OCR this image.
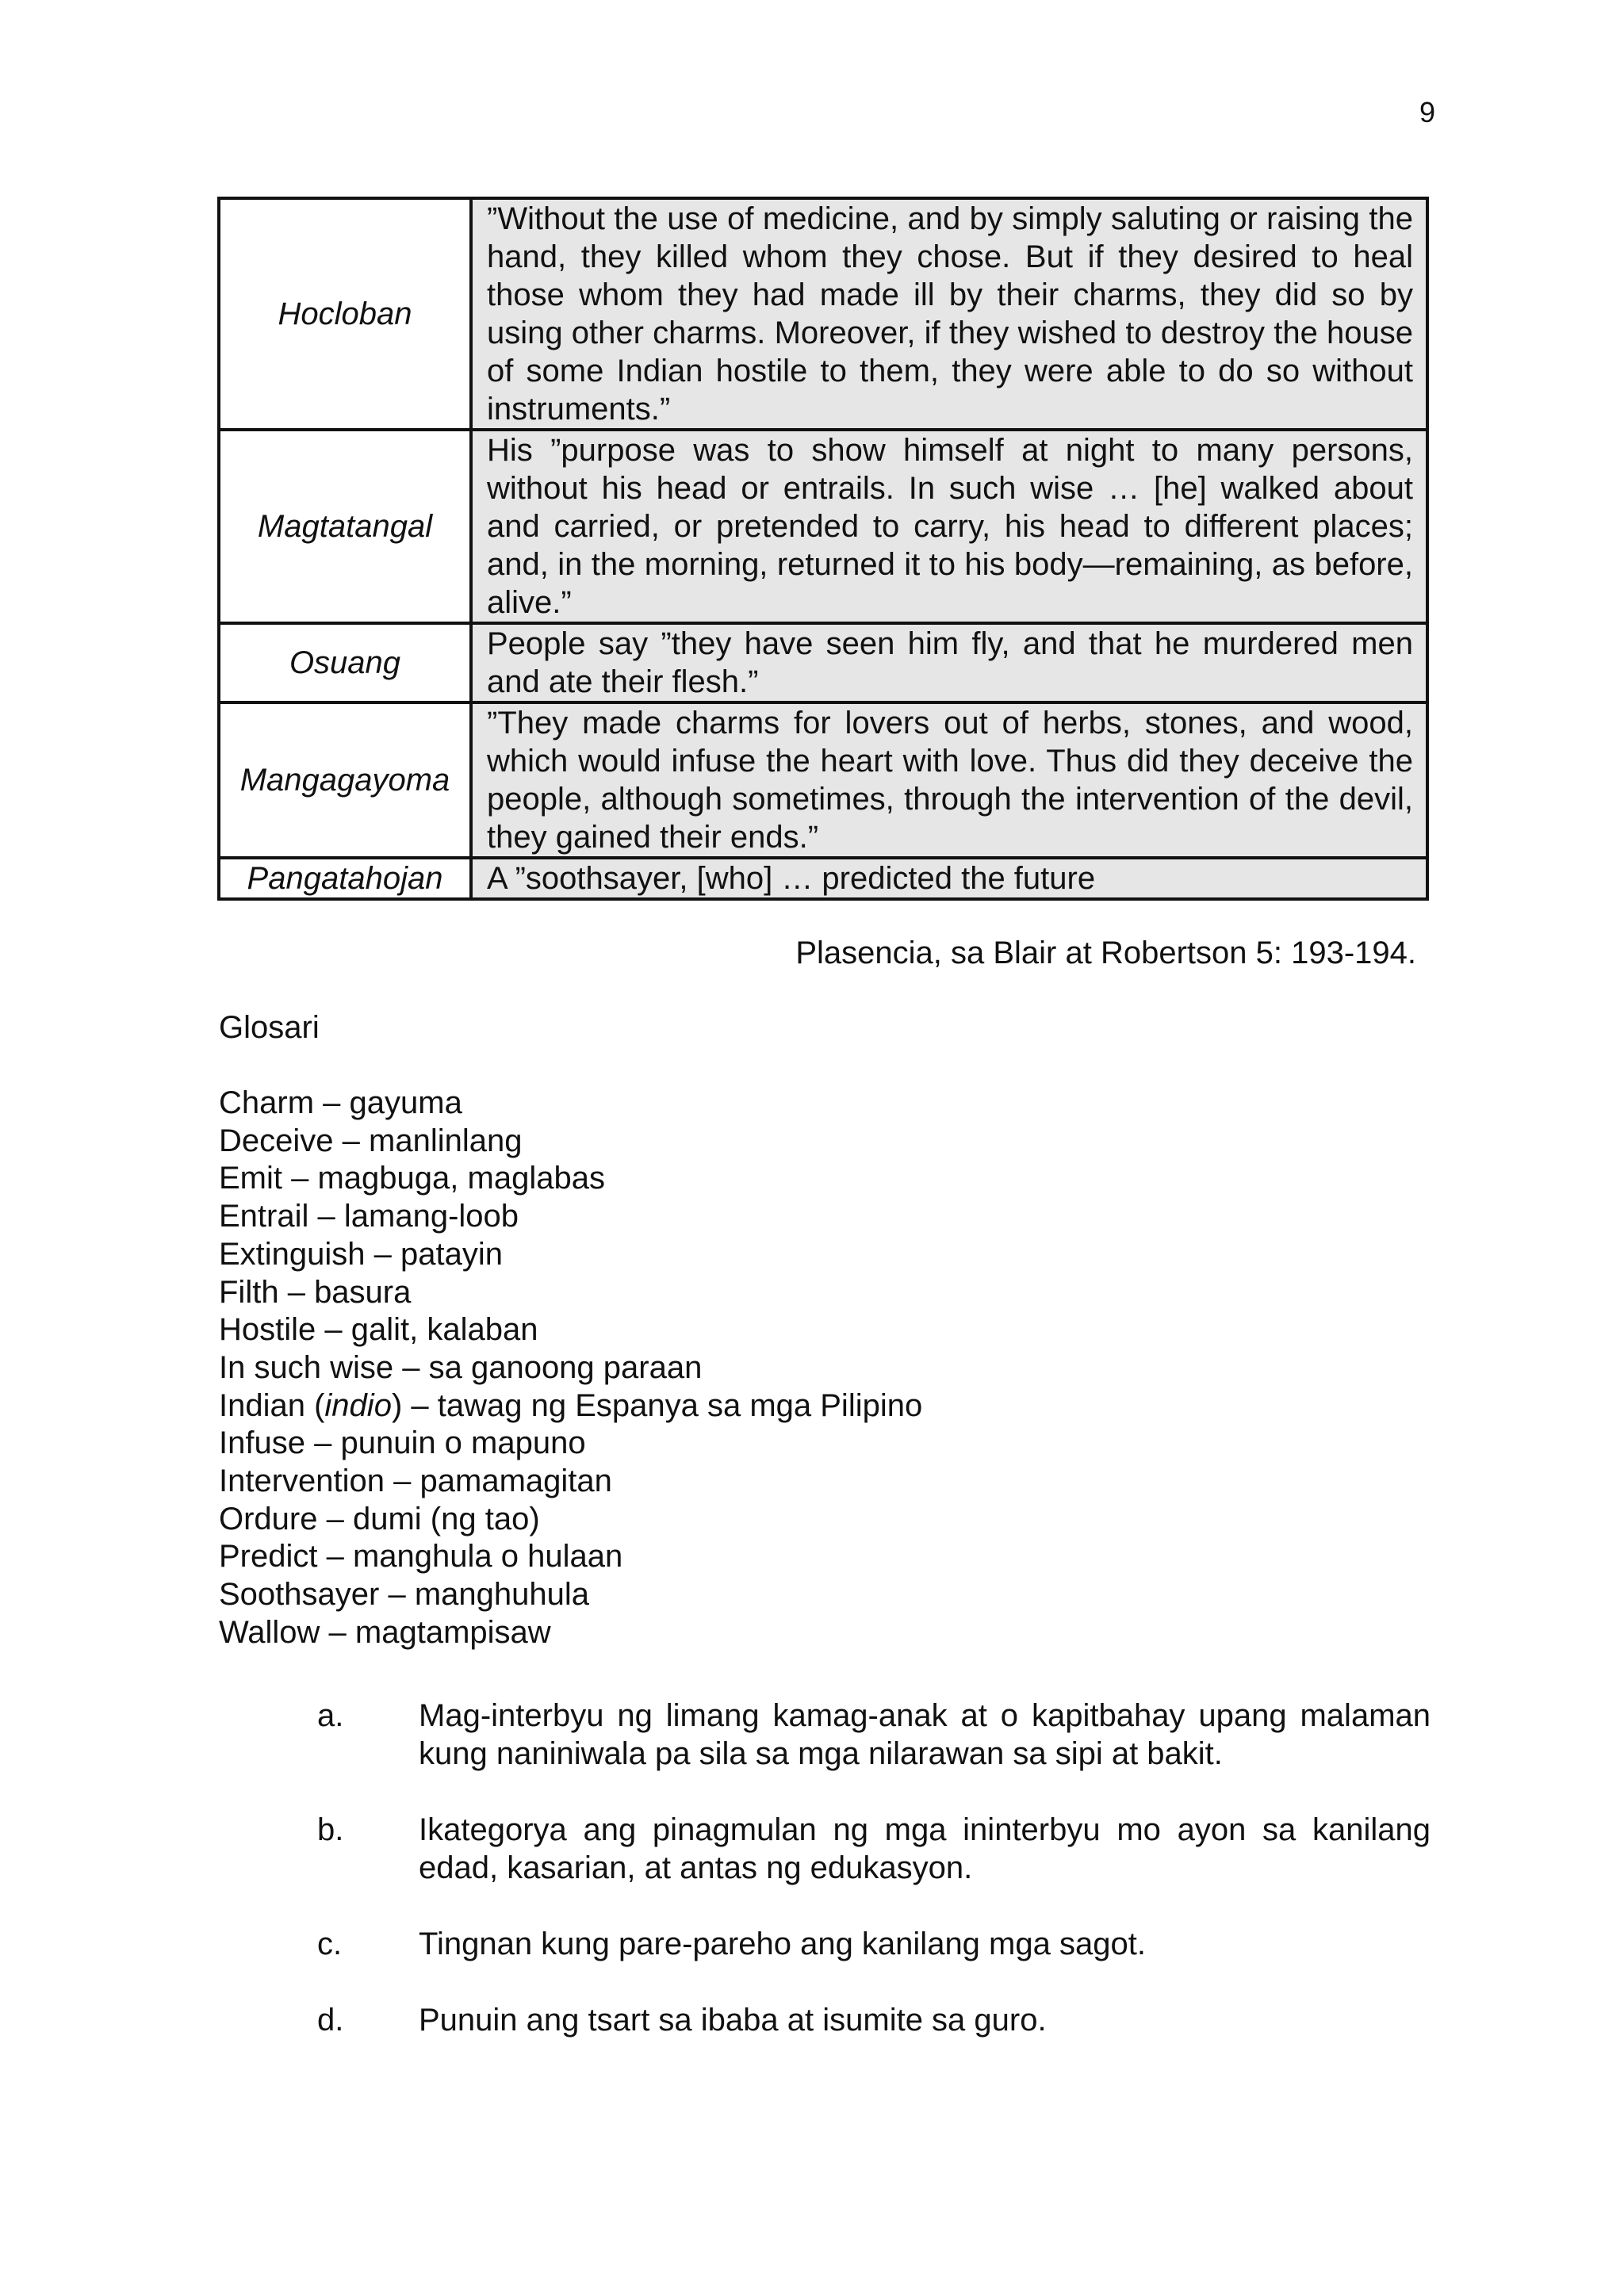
9
Hocloban	”Without the use of medicine, and by simply saluting or raising the hand, they killed whom they chose. But if they desired to heal those whom they had made ill by their charms, they did so by using other charms. Moreover, if they wished to destroy the house of some Indian hostile to them, they were able to do so without instruments.”
Magtatangal	His ”purpose was to show himself at night to many persons, without his head or entrails. In such wise … [he] walked about and carried, or pretended to carry, his head to different places; and, in the morning, returned it to his body—remaining, as before, alive.”
Osuang	People say ”they have seen him fly, and that he murdered men and ate their flesh.”
Mangagayoma	”They made charms for lovers out of herbs, stones, and wood, which would infuse the heart with love. Thus did they deceive the people, although sometimes, through the intervention of the devil, they gained their ends.”
Pangatahojan	A ”soothsayer, [who] … predicted the future
Plasencia, sa Blair at Robertson 5: 193-194.
Glosari
Charm – gayuma
Deceive – manlinlang
Emit – magbuga, maglabas
Entrail – lamang-loob
Extinguish – patayin
Filth – basura
Hostile – galit, kalaban
In such wise – sa ganoong paraan
Indian (indio) – tawag ng Espanya sa mga Pilipino
Infuse – punuin o mapuno
Intervention – pamamagitan
Ordure – dumi (ng tao)
Predict – manghula o hulaan
Soothsayer – manghuhula
Wallow – magtampisaw

a. Mag-interbyu ng limang kamag-anak at o kapitbahay upang malaman kung naniniwala pa sila sa mga nilarawan sa sipi at bakit.

b. Ikategorya ang pinagmulan ng mga ininterbyu mo ayon sa kanilang edad, kasarian, at antas ng edukasyon.

c. Tingnan kung pare-pareho ang kanilang mga sagot.

d. Punuin ang tsart sa ibaba at isumite sa guro.
